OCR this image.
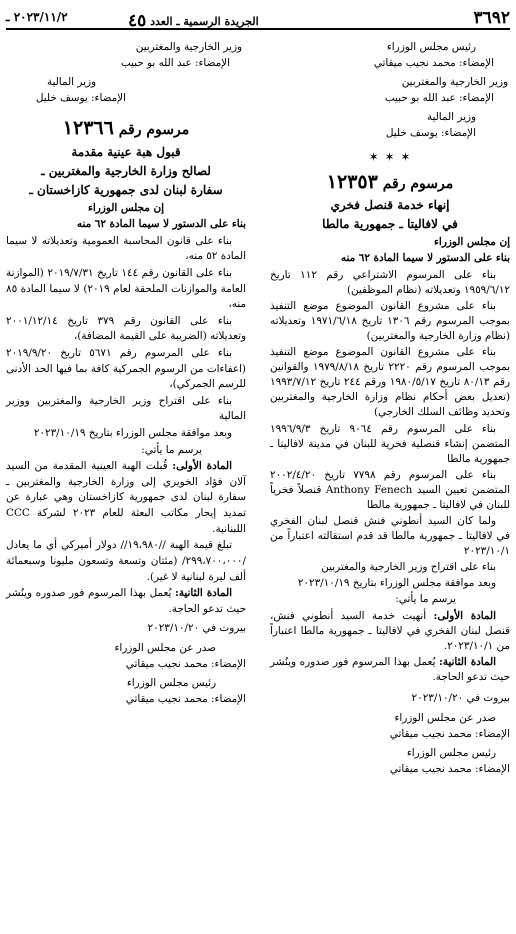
٣٦٩٢
الجريدة الرسمية ـ العدد ٤٥
٢٠٢٣/١١/٢ ـ
رئيس مجلس الوزراء
الإمضاء: محمد نجيب ميقاتي
وزير الخارجية والمغتربين
الإمضاء: عبد الله بو حبيب
وزير المالية
الإمضاء: يوسف خليل
✶ ✶ ✶
مرسوم رقم ١٢٣٥٣
إنهاء خدمة قنصل فخري
في لافاليتا ـ جمهورية مالطا

إن مجلس الوزراء

بناء على الدستور لا سيما المادة ٦٢ منه

بناء على المرسوم الاشتراعي رقم ١١٢ تاريخ ١٩٥٩/٦/١٢ وتعديلاته (نظام الموظفين)

بناء على مشروع القانون الموضوع موضع التنفيذ بموجب المرسوم رقم ١٣٠٦ تاريخ ١٩٧١/٦/١٨ وتعديلاته (نظام وزارة الخارجية والمغتربين)

بناء على مشروع القانون الموضوع موضع التنفيذ بموجب المرسوم رقم ٢٢٢٠ تاريخ ١٩٧٩/٨/١٨ والقوانين رقم ٨٠/١٣ تاريخ ١٩٨٠/٥/١٧ ورقم ٢٤٤ تاريخ ١٩٩٣/٧/١٢ (تعديل بعض أحكام نظام وزارة الخارجية والمغتربين وتحديد وظائف السلك الخارجي)

بناء على المرسوم رقم ٩٠٦٤ تاريخ ١٩٩٦/٩/٣ المتضمن إنشاء قنصلية فخرية للبنان في مدينة لافاليتا ـ جمهورية مالطا

بناء على المرسوم رقم ٧٧٩٨ تاريخ ٢٠٠٢/٤/٢٠ المتضمن تعيين السيد Anthony Fenech قنصلاً فخرياً للبنان في لافاليتا ـ جمهورية مالطا

ولما كان السيد أنطوني فنش قنصل لبنان الفخري في لافاليتا ـ جمهورية مالطا قد قدم استقالته اعتباراً من ٢٠٢٣/١٠/١

بناء على اقتراح وزير الخارجية والمغتربين

وبعد موافقة مجلس الوزراء بتاريخ ٢٠٢٣/١٠/١٩

يرسم ما يأتي:

المادة الأولى: أنهيت خدمة السيد أنطوني فنش، قنصل لبنان الفخري في لافاليتا ـ جمهورية مالطا اعتباراً من ٢٠٢٣/١٠/١.

المادة الثانية: يُعمل بهذا المرسوم فور صدوره وينُشر حيث تدعو الحاجة.

بيروت في ٢٠٢٣/١٠/٢٠

صدر عن مجلس الوزراء
الإمضاء: محمد نجيب ميقاتي
رئيس مجلس الوزراء
الإمضاء: محمد نجيب ميقاتي
وزير الخارجية والمغتربين
الإمضاء: عبد الله بو حبيب
وزير المالية
الإمضاء: يوسف خليل
مرسوم رقم ١٢٣٦٦
قبول هبة عينية مقدمة
لصالح وزارة الخارجية والمغتربين ـ
سفارة لبنان لدى جمهورية كازاخستان ـ

إن مجلس الوزراء

بناء على الدستور لا سيما المادة ٦٢ منه

بناء على قانون المحاسبة العمومية وتعديلاته لا سيما المادة ٥٢ منه،

بناء على القانون رقم ١٤٤ تاريخ ٢٠١٩/٧/٣١ (الموازنة العامة والموازنات الملحقة لعام ٢٠١٩) لا سيما المادة ٨٥ منه،

بناء على القانون رقم ٣٧٩ تاريخ ٢٠٠١/١٢/١٤ وتعديلاته (الضريبة على القيمة المضافة)،

بناء على المرسوم رقم ٥٦٧١ تاريخ ٢٠١٩/٩/٢٠ (اعفاءات من الرسوم الجمركية كافة بما فيها الحد الأدنى للرسم الجمركي)،

بناء على اقتراح وزير الخارجية والمغتربين ووزير المالية

وبعد موافقة مجلس الوزراء بتاريخ ٢٠٢٣/١٠/١٩

يرسم ما يأتي:

المادة الأولى: قُبلت الهبة العينية المقدمة من السيد آلان فؤاد الخويري إلى وزارة الخارجية والمغتربين ـ سفارة لبنان لدى جمهورية كازاخستان وهي عبارة عن تمديد إيجار مكاتب البعثة للعام ٢٠٢٣ لشركة CCC اللبنانية.

تبلغ قيمة الهبة //١٩،٩٨٠// دولار أميركي أي ما يعادل /٢٩٩،٧٠٠،٠٠٠/ (مئتان وتسعة وتسعون مليونا وسبعمائة ألف ليرة لبنانية لا غير).

المادة الثانية: يُعمل بهذا المرسوم فور صدوره وينُشر حيث تدعو الحاجة.

بيروت في ٢٠٢٣/١٠/٢٠

صدر عن مجلس الوزراء
الإمضاء: محمد نجيب ميقاتي
رئيس مجلس الوزراء
الإمضاء: محمد نجيب ميقاتي
